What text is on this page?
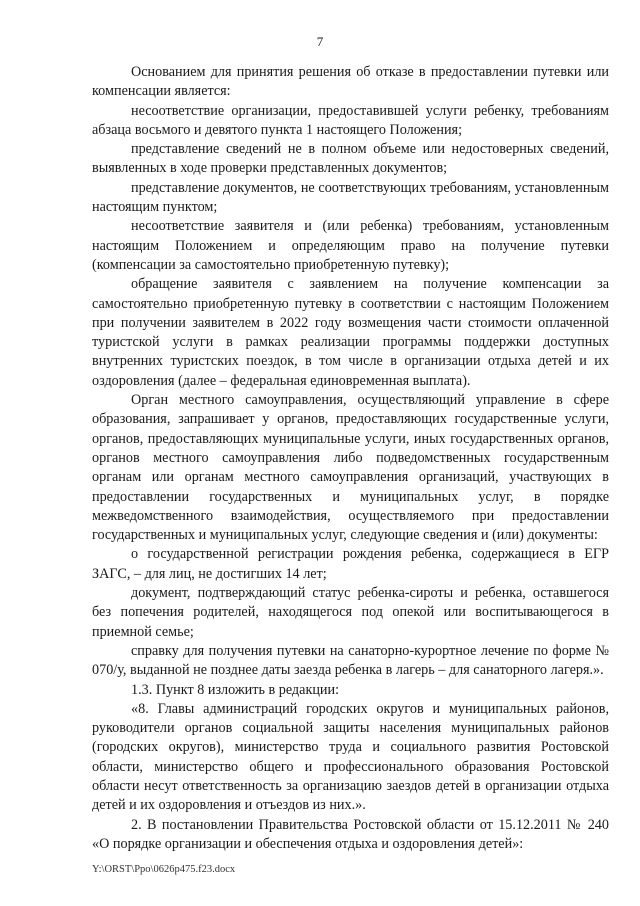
7

Основанием для принятия решения об отказе в предоставлении путевки или компенсации является:

несоответствие организации, предоставившей услуги ребенку, требованиям абзаца восьмого и девятого пункта 1 настоящего Положения;

представление сведений не в полном объеме или недостоверных сведений, выявленных в ходе проверки представленных документов;

представление документов, не соответствующих требованиям, установленным настоящим пунктом;

несоответствие заявителя и (или ребенка) требованиям, установленным настоящим Положением и определяющим право на получение путевки (компенсации за самостоятельно приобретенную путевку);

обращение заявителя с заявлением на получение компенсации за самостоятельно приобретенную путевку в соответствии с настоящим Положением при получении заявителем в 2022 году возмещения части стоимости оплаченной туристской услуги в рамках реализации программы поддержки доступных внутренних туристских поездок, в том числе в организации отдыха детей и их оздоровления (далее – федеральная единовременная выплата).

Орган местного самоуправления, осуществляющий управление в сфере образования, запрашивает у органов, предоставляющих государственные услуги, органов, предоставляющих муниципальные услуги, иных государственных органов, органов местного самоуправления либо подведомственных государственным органам или органам местного самоуправления организаций, участвующих в предоставлении государственных и муниципальных услуг, в порядке межведомственного взаимодействия, осуществляемого при предоставлении государственных и муниципальных услуг, следующие сведения и (или) документы:

о государственной регистрации рождения ребенка, содержащиеся в ЕГР ЗАГС, – для лиц, не достигших 14 лет;

документ, подтверждающий статус ребенка-сироты и ребенка, оставшегося без попечения родителей, находящегося под опекой или воспитывающегося в приемной семье;

справку для получения путевки на санаторно-курортное лечение по форме № 070/у, выданной не позднее даты заезда ребенка в лагерь – для санаторного лагеря.».

1.3. Пункт 8 изложить в редакции:

«8. Главы администраций городских округов и муниципальных районов, руководители органов социальной защиты населения муниципальных районов (городских округов), министерство труда и социального развития Ростовской области, министерство общего и профессионального образования Ростовской области несут ответственность за организацию заездов детей в организации отдыха детей и их оздоровления и отъездов из них.».

2. В постановлении Правительства Ростовской области от 15.12.2011 № 240 «О порядке организации и обеспечения отдыха и оздоровления детей»:

Y:\ORST\Ppo\0626p475.f23.docx
